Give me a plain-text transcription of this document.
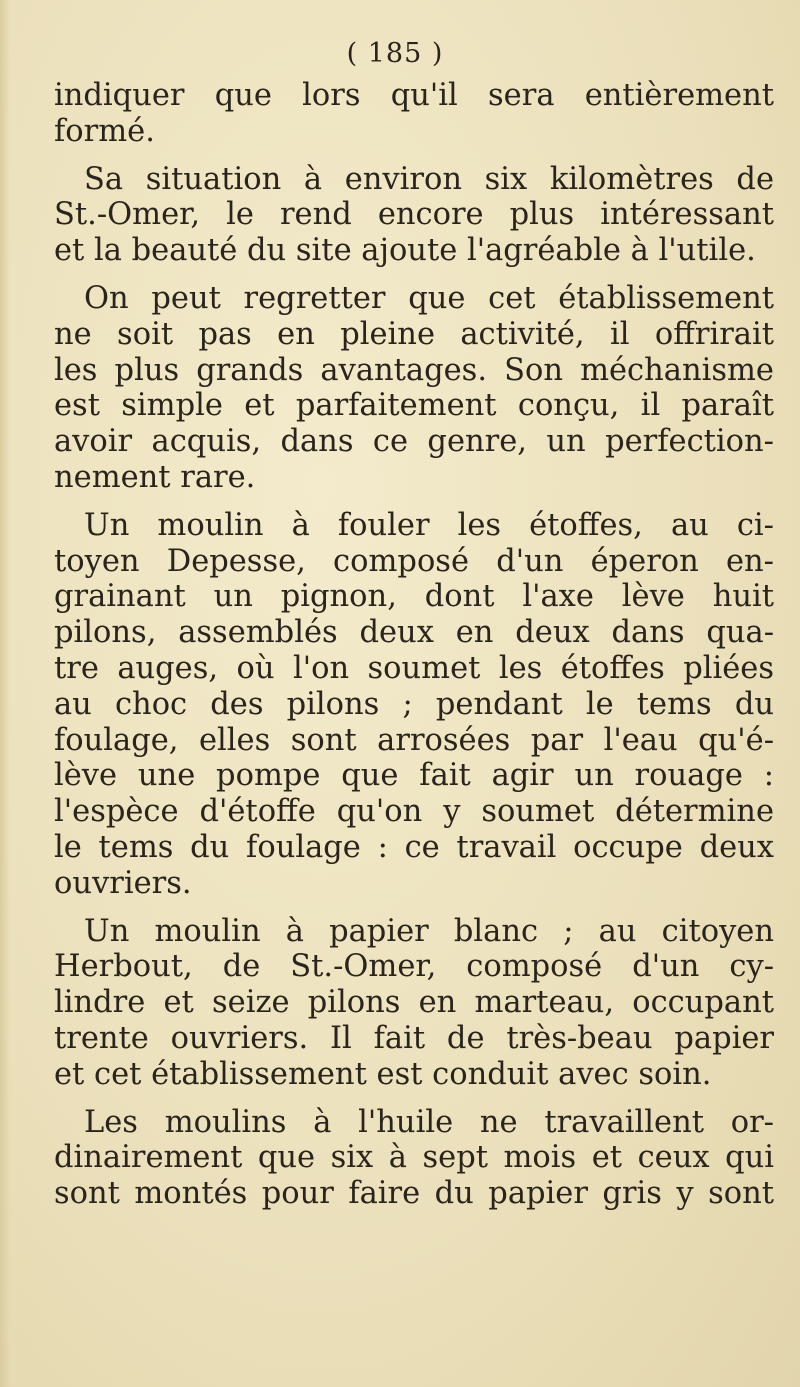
( 185 )
indiquer que lors qu'il sera entièrement
formé.
Sa situation à environ six kilomètres de
St.-Omer, le rend encore plus intéressant
et la beauté du site ajoute l'agréable à l'utile.
On peut regretter que cet établissement
ne soit pas en pleine activité, il offrirait
les plus grands avantages. Son méchanisme
est simple et parfaitement conçu, il paraît
avoir acquis, dans ce genre, un perfection-
nement rare.
Un moulin à fouler les étoffes, au ci-
toyen Depesse, composé d'un éperon en-
grainant un pignon, dont l'axe lève huit
pilons, assemblés deux en deux dans qua-
tre auges, où l'on soumet les étoffes pliées
au choc des pilons ; pendant le tems du
foulage, elles sont arrosées par l'eau qu'é-
lève une pompe que fait agir un rouage :
l'espèce d'étoffe qu'on y soumet détermine
le tems du foulage : ce travail occupe deux
ouvriers.
Un moulin à papier blanc ; au citoyen
Herbout, de St.-Omer, composé d'un cy-
lindre et seize pilons en marteau, occupant
trente ouvriers. Il fait de très-beau papier
et cet établissement est conduit avec soin.
Les moulins à l'huile ne travaillent or-
dinairement que six à sept mois et ceux qui
sont montés pour faire du papier gris y sont
